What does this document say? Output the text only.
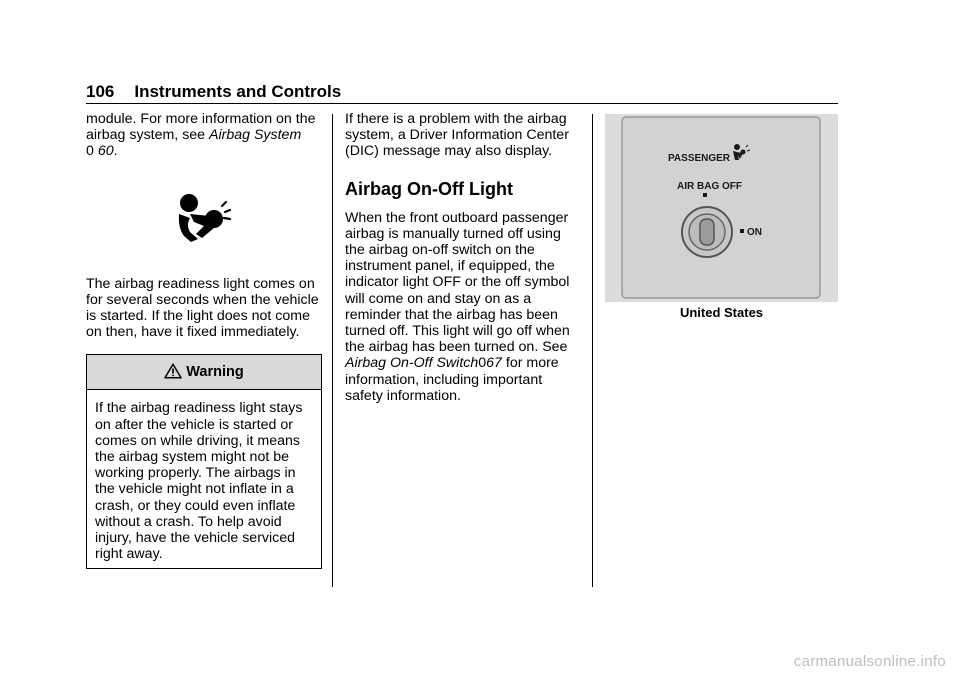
106 Instruments and Controls

module. For more information on the airbag system, see Airbag System
0 60.

The airbag readiness light comes on for several seconds when the vehicle is started. If the light does not come on then, have it fixed immediately.

Warning
If the airbag readiness light stays on after the vehicle is started or comes on while driving, it means the airbag system might not be working properly. The airbags in the vehicle might not inflate in a crash, or they could even inflate without a crash. To help avoid injury, have the vehicle serviced right away.

If there is a problem with the airbag system, a Driver Information Center (DIC) message may also display.

Airbag On-Off Light

When the front outboard passenger airbag is manually turned off using the airbag on-off switch on the instrument panel, if equipped, the indicator light OFF or the off symbol will come on and stay on as a reminder that the airbag has been turned off. This light will go off when the airbag has been turned on. See Airbag On-Off Switch067 for more information, including important safety information.

PASSENGER
AIR BAG OFF
ON
United States
carmanualsonline.info
